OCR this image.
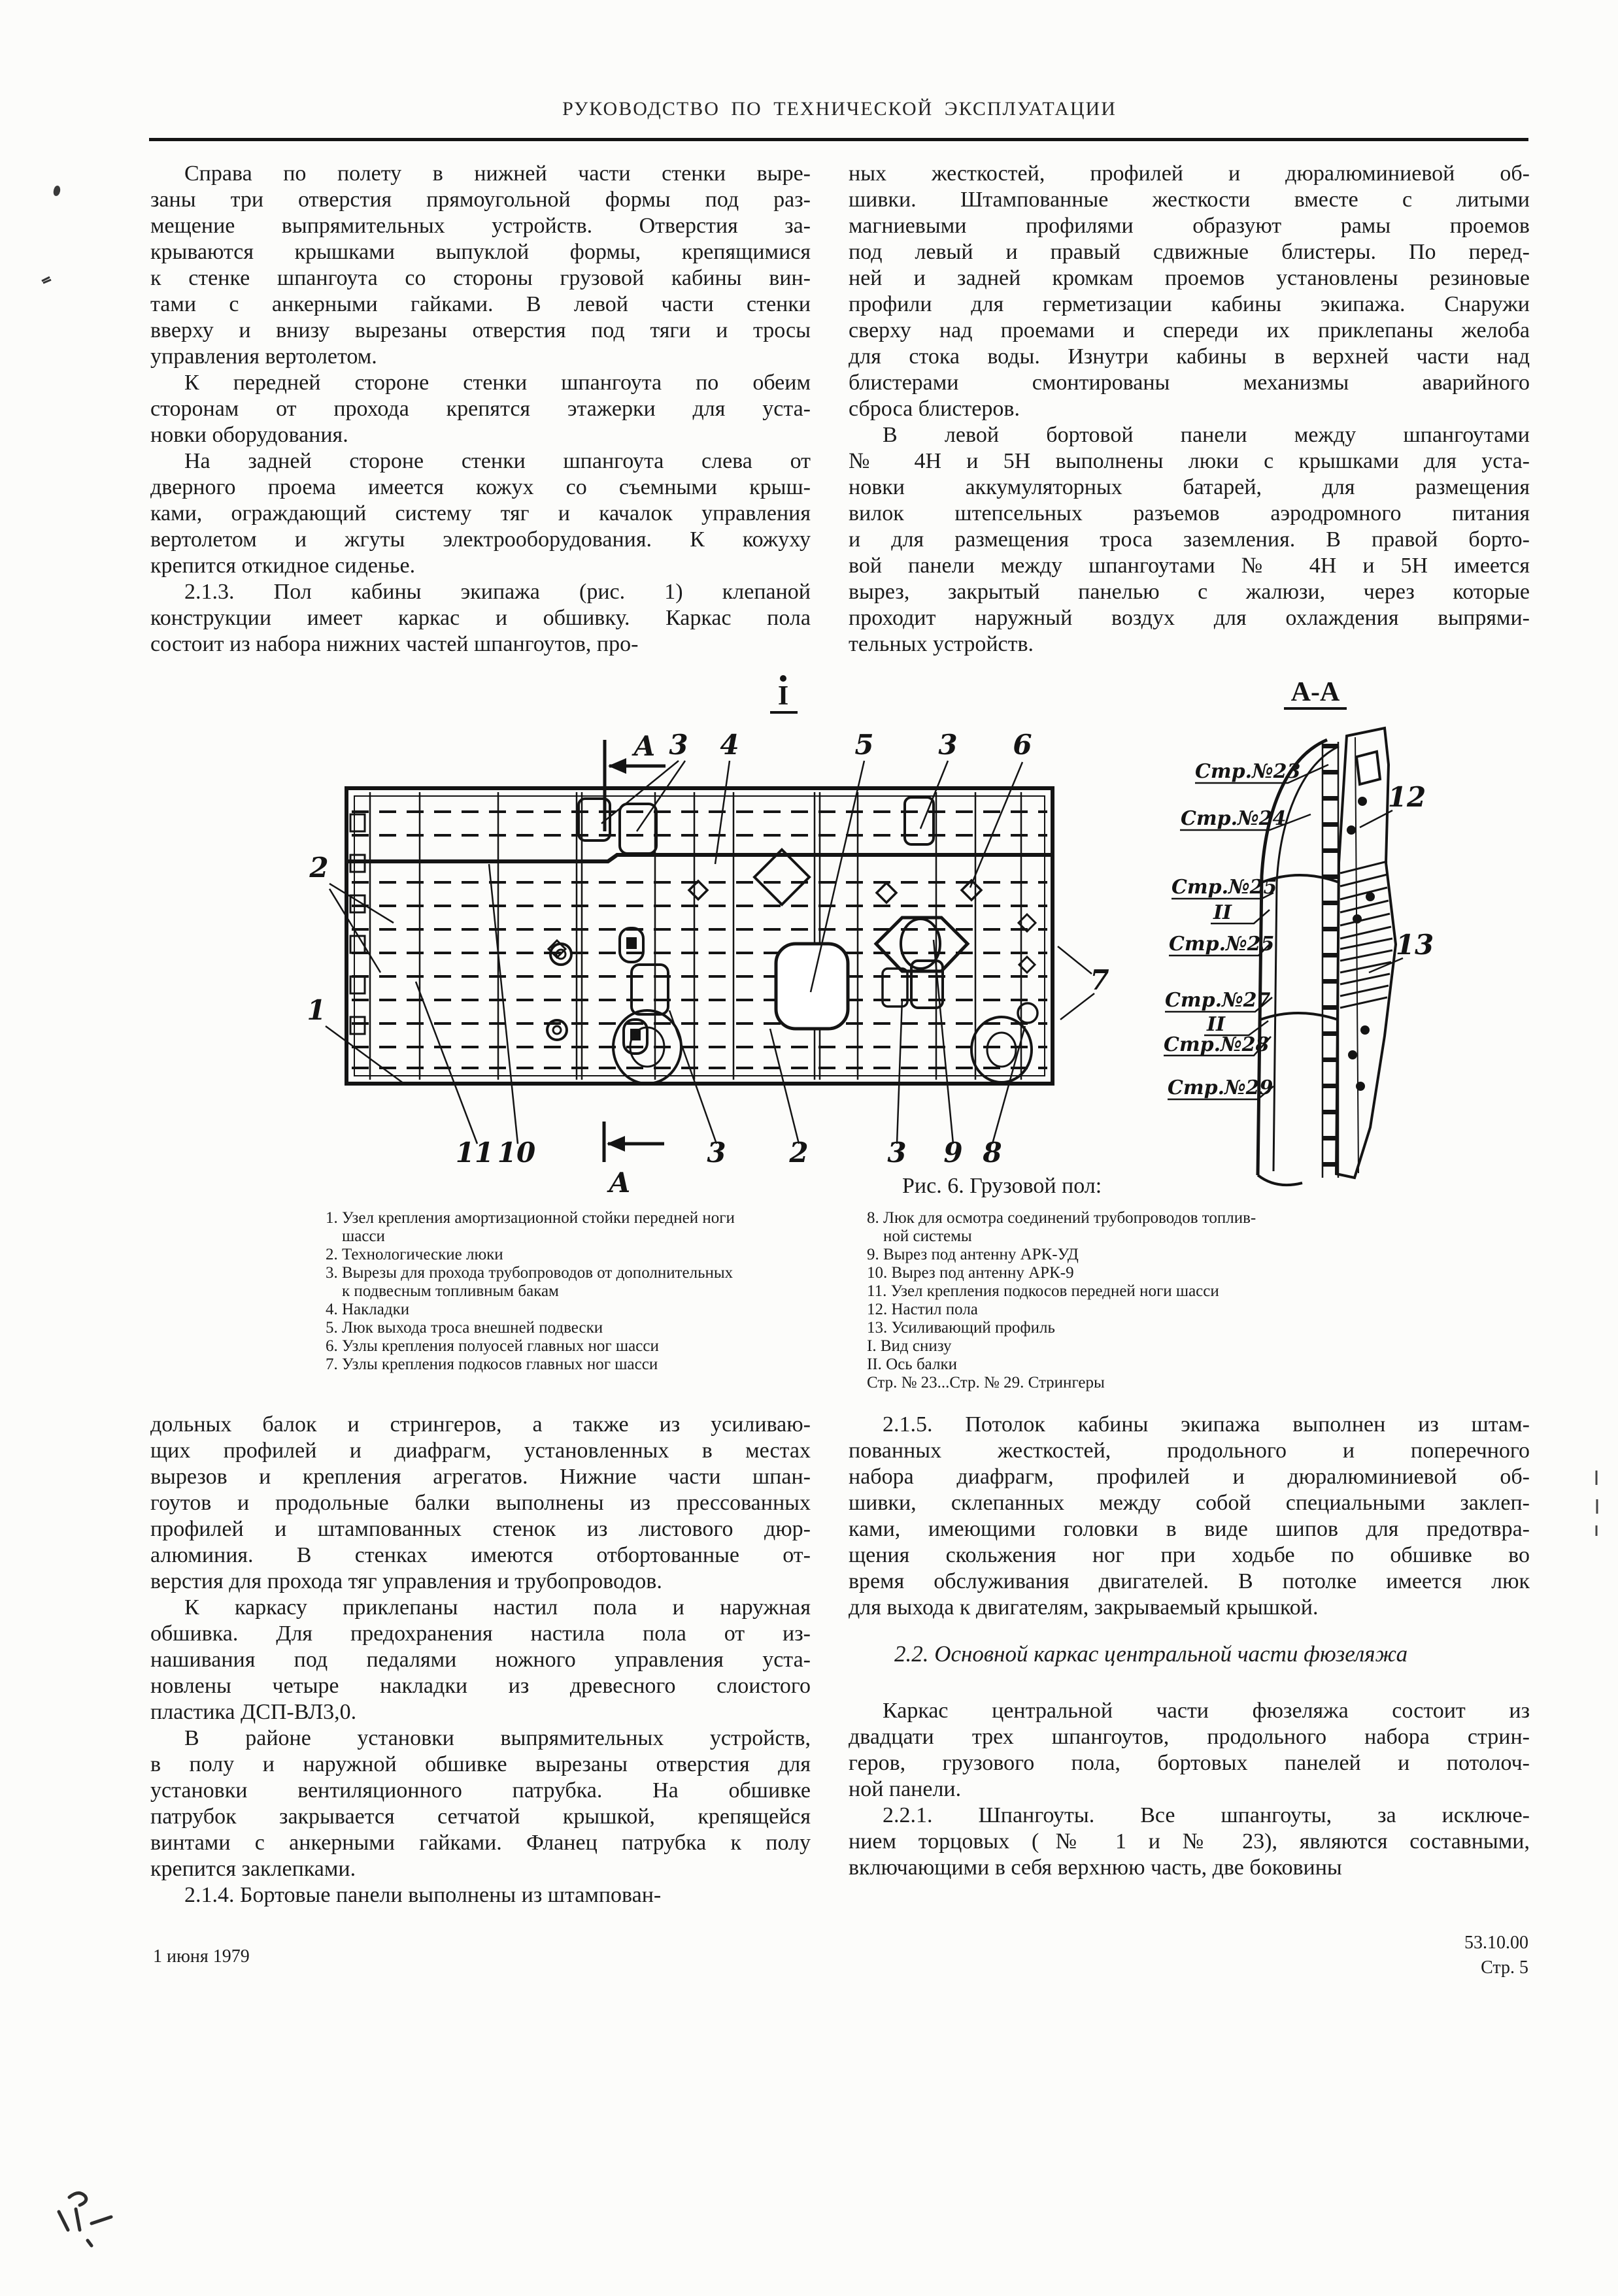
РУКОВОДСТВО ПО ТЕХНИЧЕСКОЙ ЭКСПЛУАТАЦИИ
Справа по полету в нижней части стенки выре-
заны три отверстия прямоугольной формы под раз-
мещение выпрямительных устройств. Отверстия за-
крываются крышками выпуклой формы, крепящимися
к стенке шпангоута со стороны грузовой кабины вин-
тами с анкерными гайками. В левой части стенки
вверху и внизу вырезаны отверстия под тяги и тросы
управления вертолетом.
К передней стороне стенки шпангоута по обеим
сторонам от прохода крепятся этажерки для уста-
новки оборудования.
На задней стороне стенки шпангоута слева от
дверного проема имеется кожух со съемными крыш-
ками, ограждающий систему тяг и качалок управления
вертолетом и жгуты электрооборудования. К кожуху
крепится откидное сиденье.
2.1.3. Пол кабины экипажа (рис. 1) клепаной
конструкции имеет каркас и обшивку. Каркас пола
состоит из набора нижних частей шпангоутов, про-
ных жесткостей, профилей и дюралюминиевой об-
шивки. Штампованные жесткости вместе с литыми
магниевыми профилями образуют рамы проемов
под левый и правый сдвижные блистеры. По перед-
ней и задней кромкам проемов установлены резиновые
профили для герметизации кабины экипажа. Снаружи
сверху над проемами и спереди их приклепаны желоба
для стока воды. Изнутри кабины в верхней части над
блистерами смонтированы механизмы аварийного
сброса блистеров.
В левой бортовой панели между шпангоутами
№ 4Н и 5Н выполнены люки с крышками для уста-
новки аккумуляторных батарей, для размещения
вилок штепсельных разъемов аэродромного питания
и для размещения троса заземления. В правой борто-
вой панели между шпангоутами № 4Н и 5Н имеется
вырез, закрытый панелью с жалюзи, через которые
проходит наружный воздух для охлаждения выпрями-
тельных устройств.
I
А
А
3 4	5 3 6
2
1
7
11 10	3 2	3 9 8
А-А
Стр.№23
Стр.№24
Стр.№25
II
Стр.№25
Стр.№27
II
Стр.№28
Стр.№29
12
13
Рис. 6. Грузовой пол:
1. Узел крепления амортизационной стойки передней ноги
шасси
2. Технологические люки
3. Вырезы для прохода трубопроводов от дополнительных
к подвесным топливным бакам
4. Накладки
5. Люк выхода троса внешней подвески
6. Узлы крепления полуосей главных ног шасси
7. Узлы крепления подкосов главных ног шасси
8. Люк для осмотра соединений трубопроводов топлив-
ной системы
9. Вырез под антенну АРК-УД
10. Вырез под антенну АРК-9
11. Узел крепления подкосов передней ноги шасси
12. Настил пола
13. Усиливающий профиль
I. Вид снизу
II. Ось балки
Стр. № 23...Стр. № 29. Стрингеры
дольных балок и стрингеров, а также из усиливаю-
щих профилей и диафрагм, установленных в местах
вырезов и крепления агрегатов. Нижние части шпан-
гоутов и продольные балки выполнены из прессованных
профилей и штампованных стенок из листового дюр-
алюминия. В стенках имеются отбортованные от-
верстия для прохода тяг управления и трубопроводов.
К каркасу приклепаны настил пола и наружная
обшивка. Для предохранения настила пола от из-
нашивания под педалями ножного управления уста-
новлены четыре накладки из древесного слоистого
пластика ДСП-ВЛ3,0.
В районе установки выпрямительных устройств,
в полу и наружной обшивке вырезаны отверстия для
установки вентиляционного патрубка. На обшивке
патрубок закрывается сетчатой крышкой, крепящейся
винтами с анкерными гайками. Фланец патрубка к полу
крепится заклепками.
2.1.4. Бортовые панели выполнены из штампован-
2.1.5. Потолок кабины экипажа выполнен из штам-
пованных жесткостей, продольного и поперечного
набора диафрагм, профилей и дюралюминиевой об-
шивки, склепанных между собой специальными заклеп-
ками, имеющими головки в виде шипов для предотвра-
щения скольжения ног при ходьбе по обшивке во
время обслуживания двигателей. В потолке имеется люк
для выхода к двигателям, закрываемый крышкой.
2.2. Основной каркас центральной части фюзеляжа
Каркас центральной части фюзеляжа состоит из
двадцати трех шпангоутов, продольного набора стрин-
геров, грузового пола, бортовых панелей и потолоч-
ной панели.
2.2.1. Шпангоуты. Все шпангоуты, за исключе-
нием торцовых (№ 1 и № 23), являются составными,
включающими в себя верхнюю часть, две боковины
1 июня 1979
53.10.00
Стр. 5
